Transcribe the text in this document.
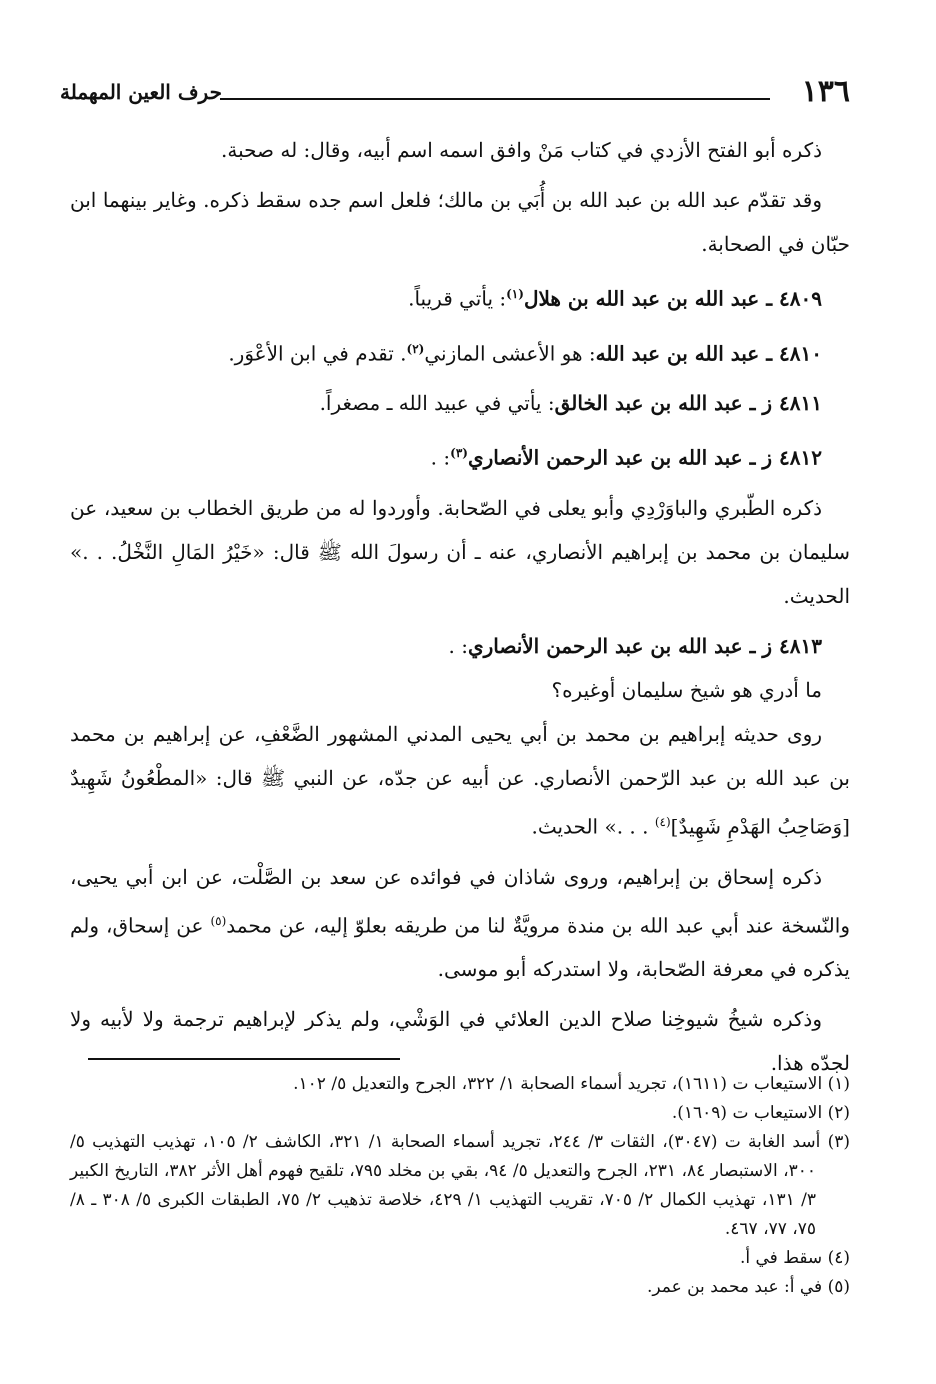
١٣٦
حرف العين المهملة

ذكره أبو الفتح الأزدي في كتاب مَنْ وافق اسمه اسم أبيه، وقال: له صحبة.

وقد تقدّم عبد الله بن عبد الله بن أُبَي بن مالك؛ فلعل اسم جده سقط ذكره. وغاير بينهما ابن حبّان في الصحابة.

٤٨٠٩ ـ عبد الله بن عبد الله بن هلال$^{(١)}$: يأتي قريباً.

٤٨١٠ ـ عبد الله بن عبد الله: هو الأعشى المازني$^{(٢)}$. تقدم في ابن الأعْوَر.

٤٨١١ ز ـ عبد الله بن عبد الخالق: يأتي في عبيد الله ـ مصغراً.

٤٨١٢ ز ـ عبد الله بن عبد الرحمن الأنصاري$^{(٣)}$: .

ذكره الطّبري والباوَرْدِي وأبو يعلى في الصّحابة. وأوردوا له من طريق الخطاب بن سعيد، عن سليمان بن محمد بن إبراهيم الأنصاري، عنه ـ أن رسولَ الله ﷺ قال: «خَيْرُ المَالِ النَّخْلُ. . .» الحديث.

٤٨١٣ ز ـ عبد الله بن عبد الرحمن الأنصاري: .

ما أدري هو شيخ سليمان أوغيره؟

روى حديثه إبراهيم بن محمد بن أبي يحيى المدني المشهور الضَّعْفِ، عن إبراهيم بن محمد بن عبد الله بن عبد الرّحمن الأنصاري. عن أبيه عن جدّه، عن النبي ﷺ قال: «المطْعُونُ شَهِيدٌ [وَصَاحِبُ الهَدْمِ شَهِيدٌ]$^{(٤)}$ . . .» الحديث.

ذكره إسحاق بن إبراهيم، وروى شاذان في فوائده عن سعد بن الصَّلْت، عن ابن أبي يحيى، والنّسخة عند أبي عبد الله بن مندة مرويَّةٌ لنا من طريقه بعلوّ إليه، عن محمد$^{(٥)}$ عن إسحاق، ولم يذكره في معرفة الصّحابة، ولا استدركه أبو موسى.

وذكره شيخُ شيوخِنا صلاح الدين العلائي في الوَشْي، ولم يذكر لإبراهيم ترجمة ولا لأبيه ولا لجدّه هذا.

(١) الاستيعاب ت (١٦١١)، تجريد أسماء الصحابة ١/ ٣٢٢، الجرح والتعديل ٥/ ١٠٢.

(٢) الاستيعاب ت (١٦٠٩).

(٣) أسد الغابة ت (٣٠٤٧)، الثقات ٣/ ٢٤٤، تجريد أسماء الصحابة ١/ ٣٢١، الكاشف ٢/ ١٠٥، تهذيب التهذيب ٥/ ٣٠٠، الاستبصار ٨٤، ٢٣١، الجرح والتعديل ٥/ ٩٤، بقي بن مخلد ٧٩٥، تلقيح فهوم أهل الأثر ٣٨٢، التاريخ الكبير ٣/ ١٣١، تهذيب الكمال ٢/ ٧٠٥، تقريب التهذيب ١/ ٤٢٩، خلاصة تذهيب ٢/ ٧٥، الطبقات الكبرى ٥/ ٣٠٨ ـ ٨/ ٧٥، ٧٧، ٤٦٧.

(٤) سقط في أ.

(٥) في أ: عبد محمد بن عمر.
